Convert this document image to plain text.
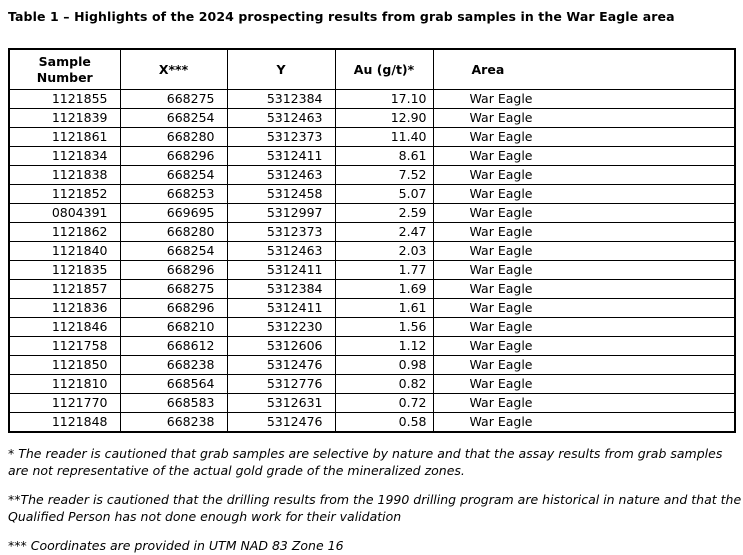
Table 1 – Highlights of the 2024 prospecting results from grab samples in the War Eagle area
Sample Number	X***	Y	Au (g/t)*	Area
1121855	668275	5312384	17.10	War Eagle
1121839	668254	5312463	12.90	War Eagle
1121861	668280	5312373	11.40	War Eagle
1121834	668296	5312411	8.61	War Eagle
1121838	668254	5312463	7.52	War Eagle
1121852	668253	5312458	5.07	War Eagle
0804391	669695	5312997	2.59	War Eagle
1121862	668280	5312373	2.47	War Eagle
1121840	668254	5312463	2.03	War Eagle
1121835	668296	5312411	1.77	War Eagle
1121857	668275	5312384	1.69	War Eagle
1121836	668296	5312411	1.61	War Eagle
1121846	668210	5312230	1.56	War Eagle
1121758	668612	5312606	1.12	War Eagle
1121850	668238	5312476	0.98	War Eagle
1121810	668564	5312776	0.82	War Eagle
1121770	668583	5312631	0.72	War Eagle
1121848	668238	5312476	0.58	War Eagle

* The reader is cautioned that grab samples are selective by nature and that the assay results from grab samples are not representative of the actual gold grade of the mineralized zones.

**The reader is cautioned that the drilling results from the 1990 drilling program are historical in nature and that the Qualified Person has not done enough work for their validation

*** Coordinates are provided in UTM NAD 83 Zone 16
